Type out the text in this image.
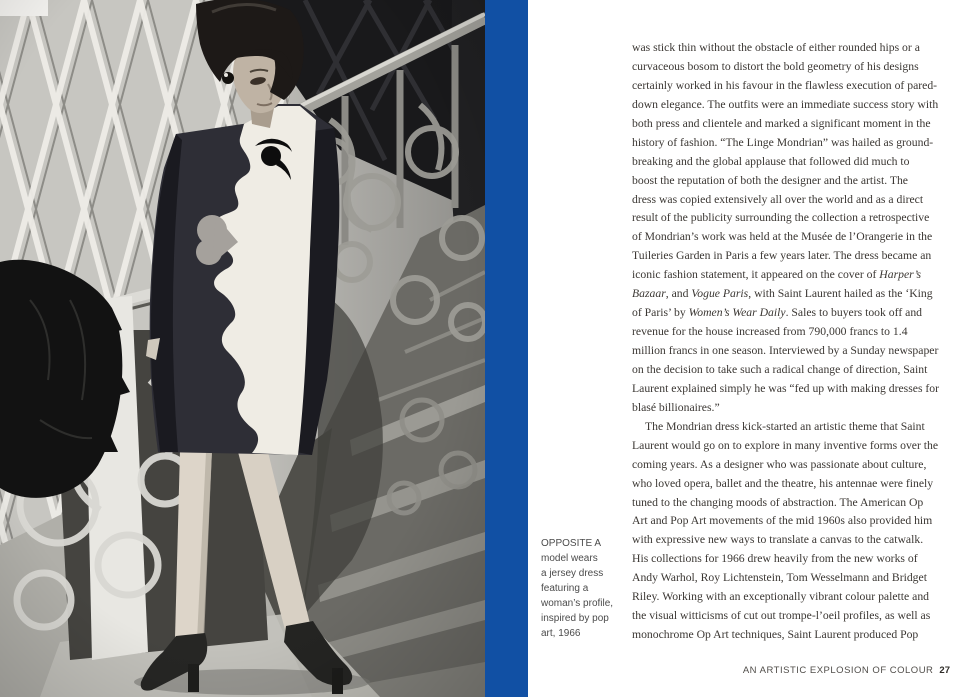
OPPOSITE A
model wears
a jersey dress
featuring a
woman’s profile,
inspired by pop
art, 1966
was stick thin without the obstacle of either rounded hips or a
curvaceous bosom to distort the bold geometry of his designs
certainly worked in his favour in the flawless execution of pared-
down elegance. The outfits were an immediate success story with
both press and clientele and marked a significant moment in the
history of fashion. “The Linge Mondrian” was hailed as ground-
breaking and the global applause that followed did much to
boost the reputation of both the designer and the artist. The
dress was copied extensively all over the world and as a direct
result of the publicity surrounding the collection a retrospective
of Mondrian’s work was held at the Musée de l’Orangerie in the
Tuileries Garden in Paris a few years later. The dress became an
iconic fashion statement, it appeared on the cover of Harper’s
Bazaar, and Vogue Paris, with Saint Laurent hailed as the ‘King
of Paris’ by Women’s Wear Daily. Sales to buyers took off and
revenue for the house increased from 790,000 francs to 1.4
million francs in one season. Interviewed by a Sunday newspaper
on the decision to take such a radical change of direction, Saint
Laurent explained simply he was “fed up with making dresses for
blasé billionaires.”
The Mondrian dress kick-started an artistic theme that Saint
Laurent would go on to explore in many inventive forms over the
coming years. As a designer who was passionate about culture,
who loved opera, ballet and the theatre, his antennae were finely
tuned to the changing moods of abstraction. The American Op
Art and Pop Art movements of the mid 1960s also provided him
with expressive new ways to translate a canvas to the catwalk.
His collections for 1966 drew heavily from the new works of
Andy Warhol, Roy Lichtenstein, Tom Wesselmann and Bridget
Riley. Working with an exceptionally vibrant colour palette and
the visual witticisms of cut out trompe-l’oeil profiles, as well as
monochrome Op Art techniques, Saint Laurent produced Pop
AN ARTISTIC EXPLOSION OF COLOUR 27
